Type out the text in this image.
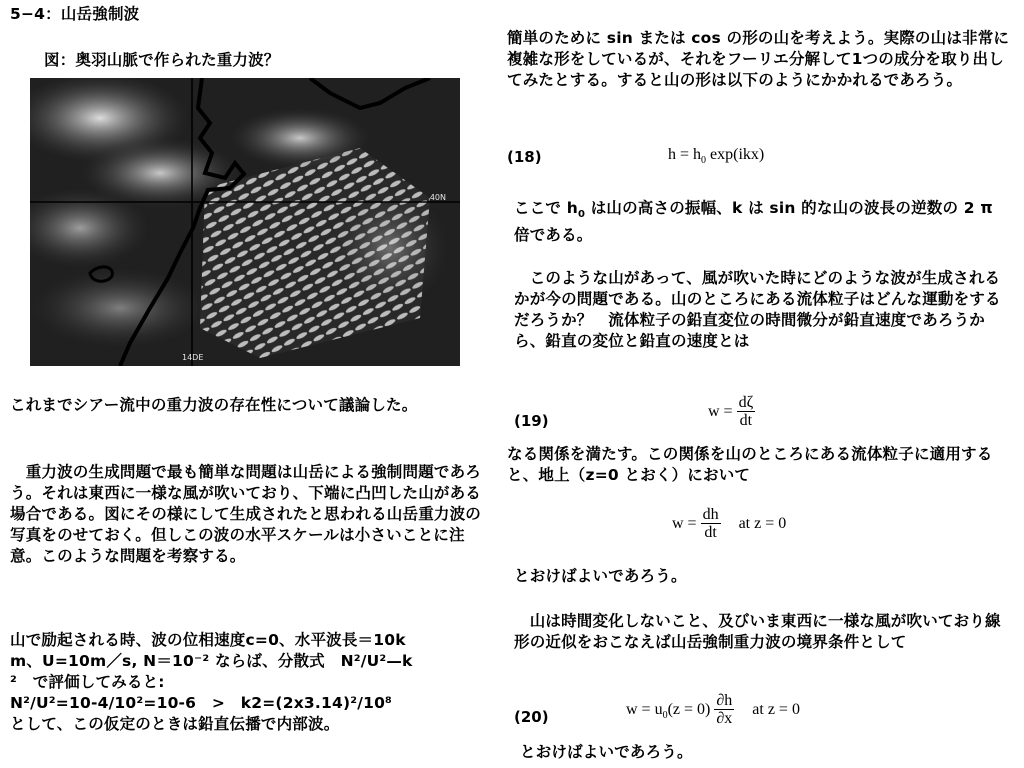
5−4：山岳強制波
図：奥羽山脈で作られた重力波？
40N
14DE
これまでシアー流中の重力波の存在性について議論した。
　重力波の生成問題で最も簡単な問題は山岳による強制問題であろう。それは東西に一様な風が吹いており、下端に凸凹した山がある場合である。図にその様にして生成されたと思われる山岳重力波の写真をのせておく。但しこの波の水平スケールは小さいことに注意。このような問題を考察する。
山で励起される時、波の位相速度c=0、水平波長＝10k
m、U=10m／s, N＝10⁻² ならば、分散式　N²/U²—k
²　で評価してみると:
N²/U²=10-4/10²=10-6　>　k2=(2x3.14)²/10⁸
として、この仮定のときは鉛直伝播で内部波。
簡単のために sin または cos の形の山を考えよう。実際の山は非常に複雑な形をしているが、それをフーリエ分解して1つの成分を取り出してみたとする。すると山の形は以下のようにかかれるであろう。
(18)	$h = h_0$ exp(ikx)
ここで $h_0$ は山の高さの振幅、k は sin 的な山の波長の逆数の 2 π 倍である。
　このような山があって、風が吹いた時にどのような波が生成されるかが今の問題である。山のところにある流体粒子はどんな運動をするだろうか？　流体粒子の鉛直変位の時間微分が鉛直速度であろうから、鉛直の変位と鉛直の速度とは
(19)
$w = \frac{d\zeta}{dt}$
なる関係を満たす。この関係を山のところにある流体粒子に適用すると、地上（z=0 とおく）において
$w = \frac{dh}{dt}$ at z = 0
とおけばよいであろう。
　山は時間変化しないこと、及びいま東西に一様な風が吹いており線形の近似をおこなえば山岳強制重力波の境界条件として
(20)	$w = u_0$ $(z = 0) \frac{\partial h}{\partial x}$ at z = 0
とおけばよいであろう。
